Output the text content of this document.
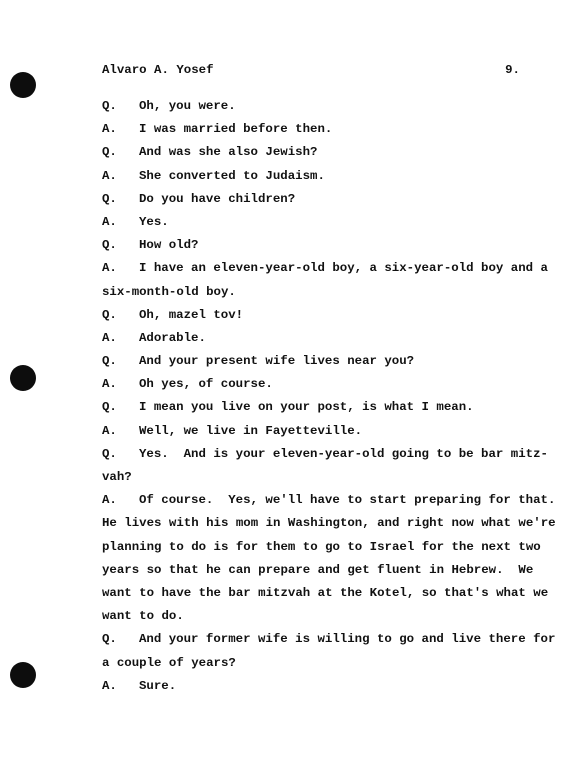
Alvaro A. Yosef	9.
Q. Oh, you were.
A. I was married before then.
Q. And was she also Jewish?
A. She converted to Judaism.
Q. Do you have children?
A. Yes.
Q. How old?
A. I have an eleven-year-old boy, a six-year-old boy and a
six-month-old boy.
Q. Oh, mazel tov!
A. Adorable.
Q. And your present wife lives near you?
A. Oh yes, of course.
Q. I mean you live on your post, is what I mean.
A. Well, we live in Fayetteville.
Q. Yes.  And is your eleven-year-old going to be bar mitz-
vah?
A. Of course.  Yes, we'll have to start preparing for that.
He lives with his mom in Washington, and right now what we're
planning to do is for them to go to Israel for the next two
years so that he can prepare and get fluent in Hebrew.  We
want to have the bar mitzvah at the Kotel, so that's what we
want to do.
Q. And your former wife is willing to go and live there for
a couple of years?
A. Sure.
